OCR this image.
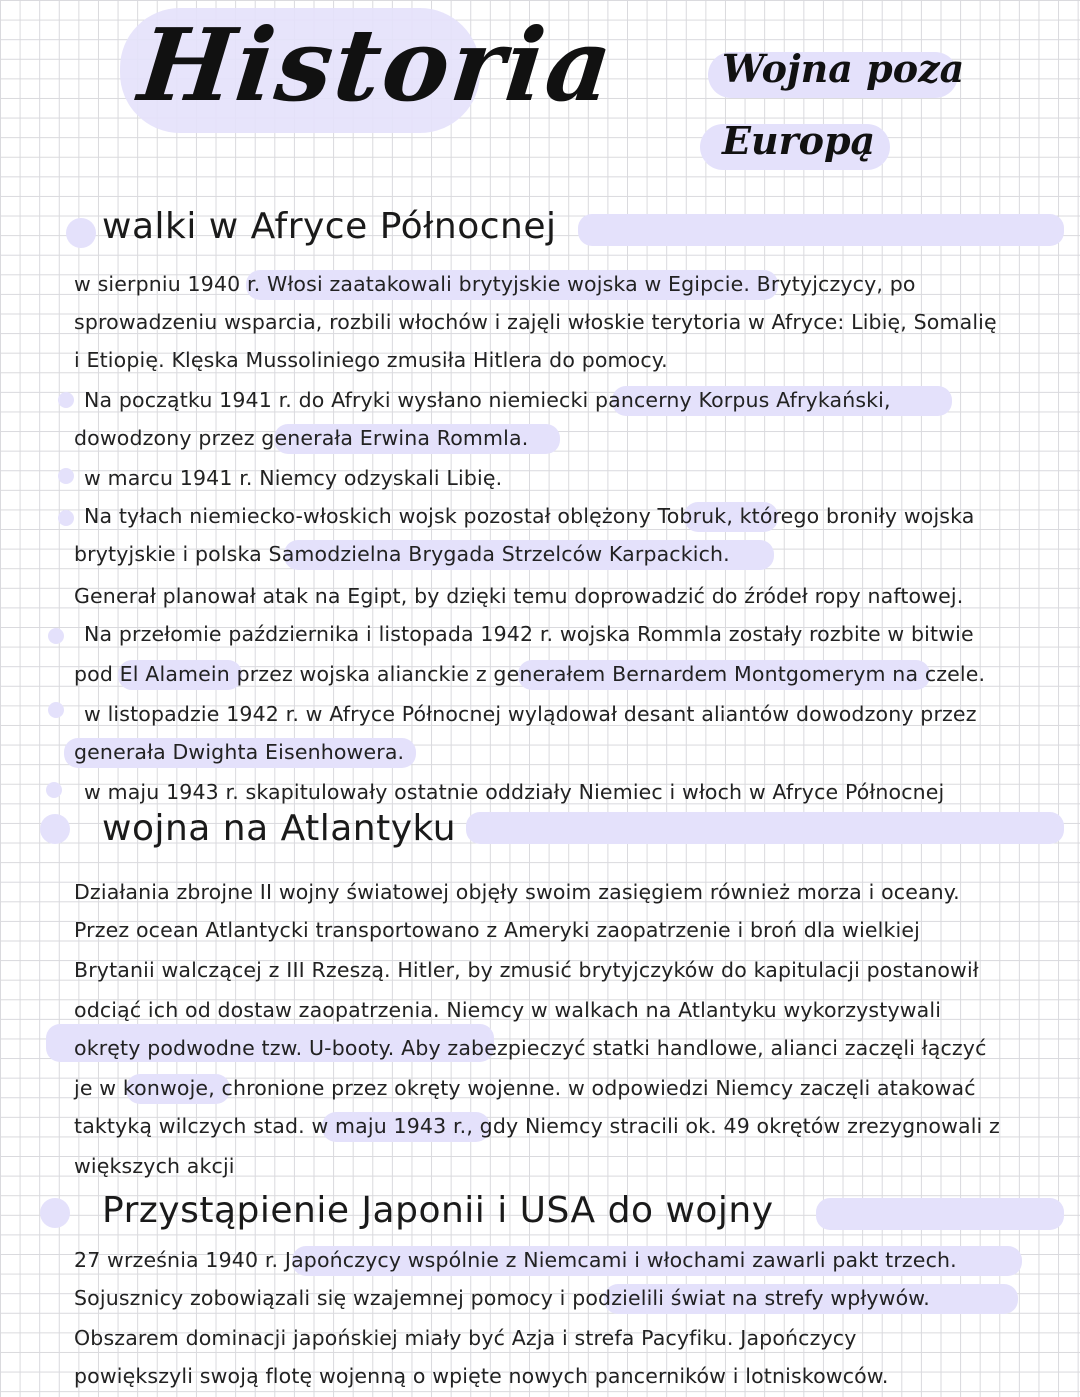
Historia	Wojna poza
Europą
walki w Afryce Północnej
w sierpniu 1940 r. Włosi zaatakowali brytyjskie wojska w Egipcie. Brytyjczycy, po
sprowadzeniu wsparcia, rozbili włochów i zajęli włoskie terytoria w Afryce: Libię, Somalię
i Etiopię. Klęska Mussoliniego zmusiła Hitlera do pomocy.
Na początku 1941 r. do Afryki wysłano niemiecki pancerny Korpus Afrykański,
dowodzony przez generała Erwina Rommla.
w marcu 1941 r. Niemcy odzyskali Libię.
Na tyłach niemiecko-włoskich wojsk pozostał oblężony Tobruk, którego broniły wojska
brytyjskie i polska Samodzielna Brygada Strzelców Karpackich.
Generał planował atak na Egipt, by dzięki temu doprowadzić do źródeł ropy naftowej.
Na przełomie października i listopada 1942 r. wojska Rommla zostały rozbite w bitwie
pod El Alamein przez wojska alianckie z generałem Bernardem Montgomerym na czele.
w listopadzie 1942 r. w Afryce Północnej wylądował desant aliantów dowodzony przez
generała Dwighta Eisenhowera.
w maju 1943 r. skapitulowały ostatnie oddziały Niemiec i włoch w Afryce Północnej
wojna na Atlantyku
Działania zbrojne II wojny światowej objęły swoim zasięgiem również morza i oceany.
Przez ocean Atlantycki transportowano z Ameryki zaopatrzenie i broń dla wielkiej
Brytanii walczącej z III Rzeszą. Hitler, by zmusić brytyjczyków do kapitulacji postanowił
odciąć ich od dostaw zaopatrzenia. Niemcy w walkach na Atlantyku wykorzystywali
okręty podwodne tzw. U-booty. Aby zabezpieczyć statki handlowe, alianci zaczęli łączyć
je w konwoje, chronione przez okręty wojenne. w odpowiedzi Niemcy zaczęli atakować
taktyką wilczych stad. w maju 1943 r., gdy Niemcy stracili ok. 49 okrętów zrezygnowali z
większych akcji
Przystąpienie Japonii i USA do wojny
27 września 1940 r. Japończycy wspólnie z Niemcami i włochami zawarli pakt trzech.
Sojusznicy zobowiązali się wzajemnej pomocy i podzielili świat na strefy wpływów.
Obszarem dominacji japońskiej miały być Azja i strefa Pacyfiku. Japończycy
powiększyli swoją flotę wojenną o wpięte nowych pancerników i lotniskowców.
